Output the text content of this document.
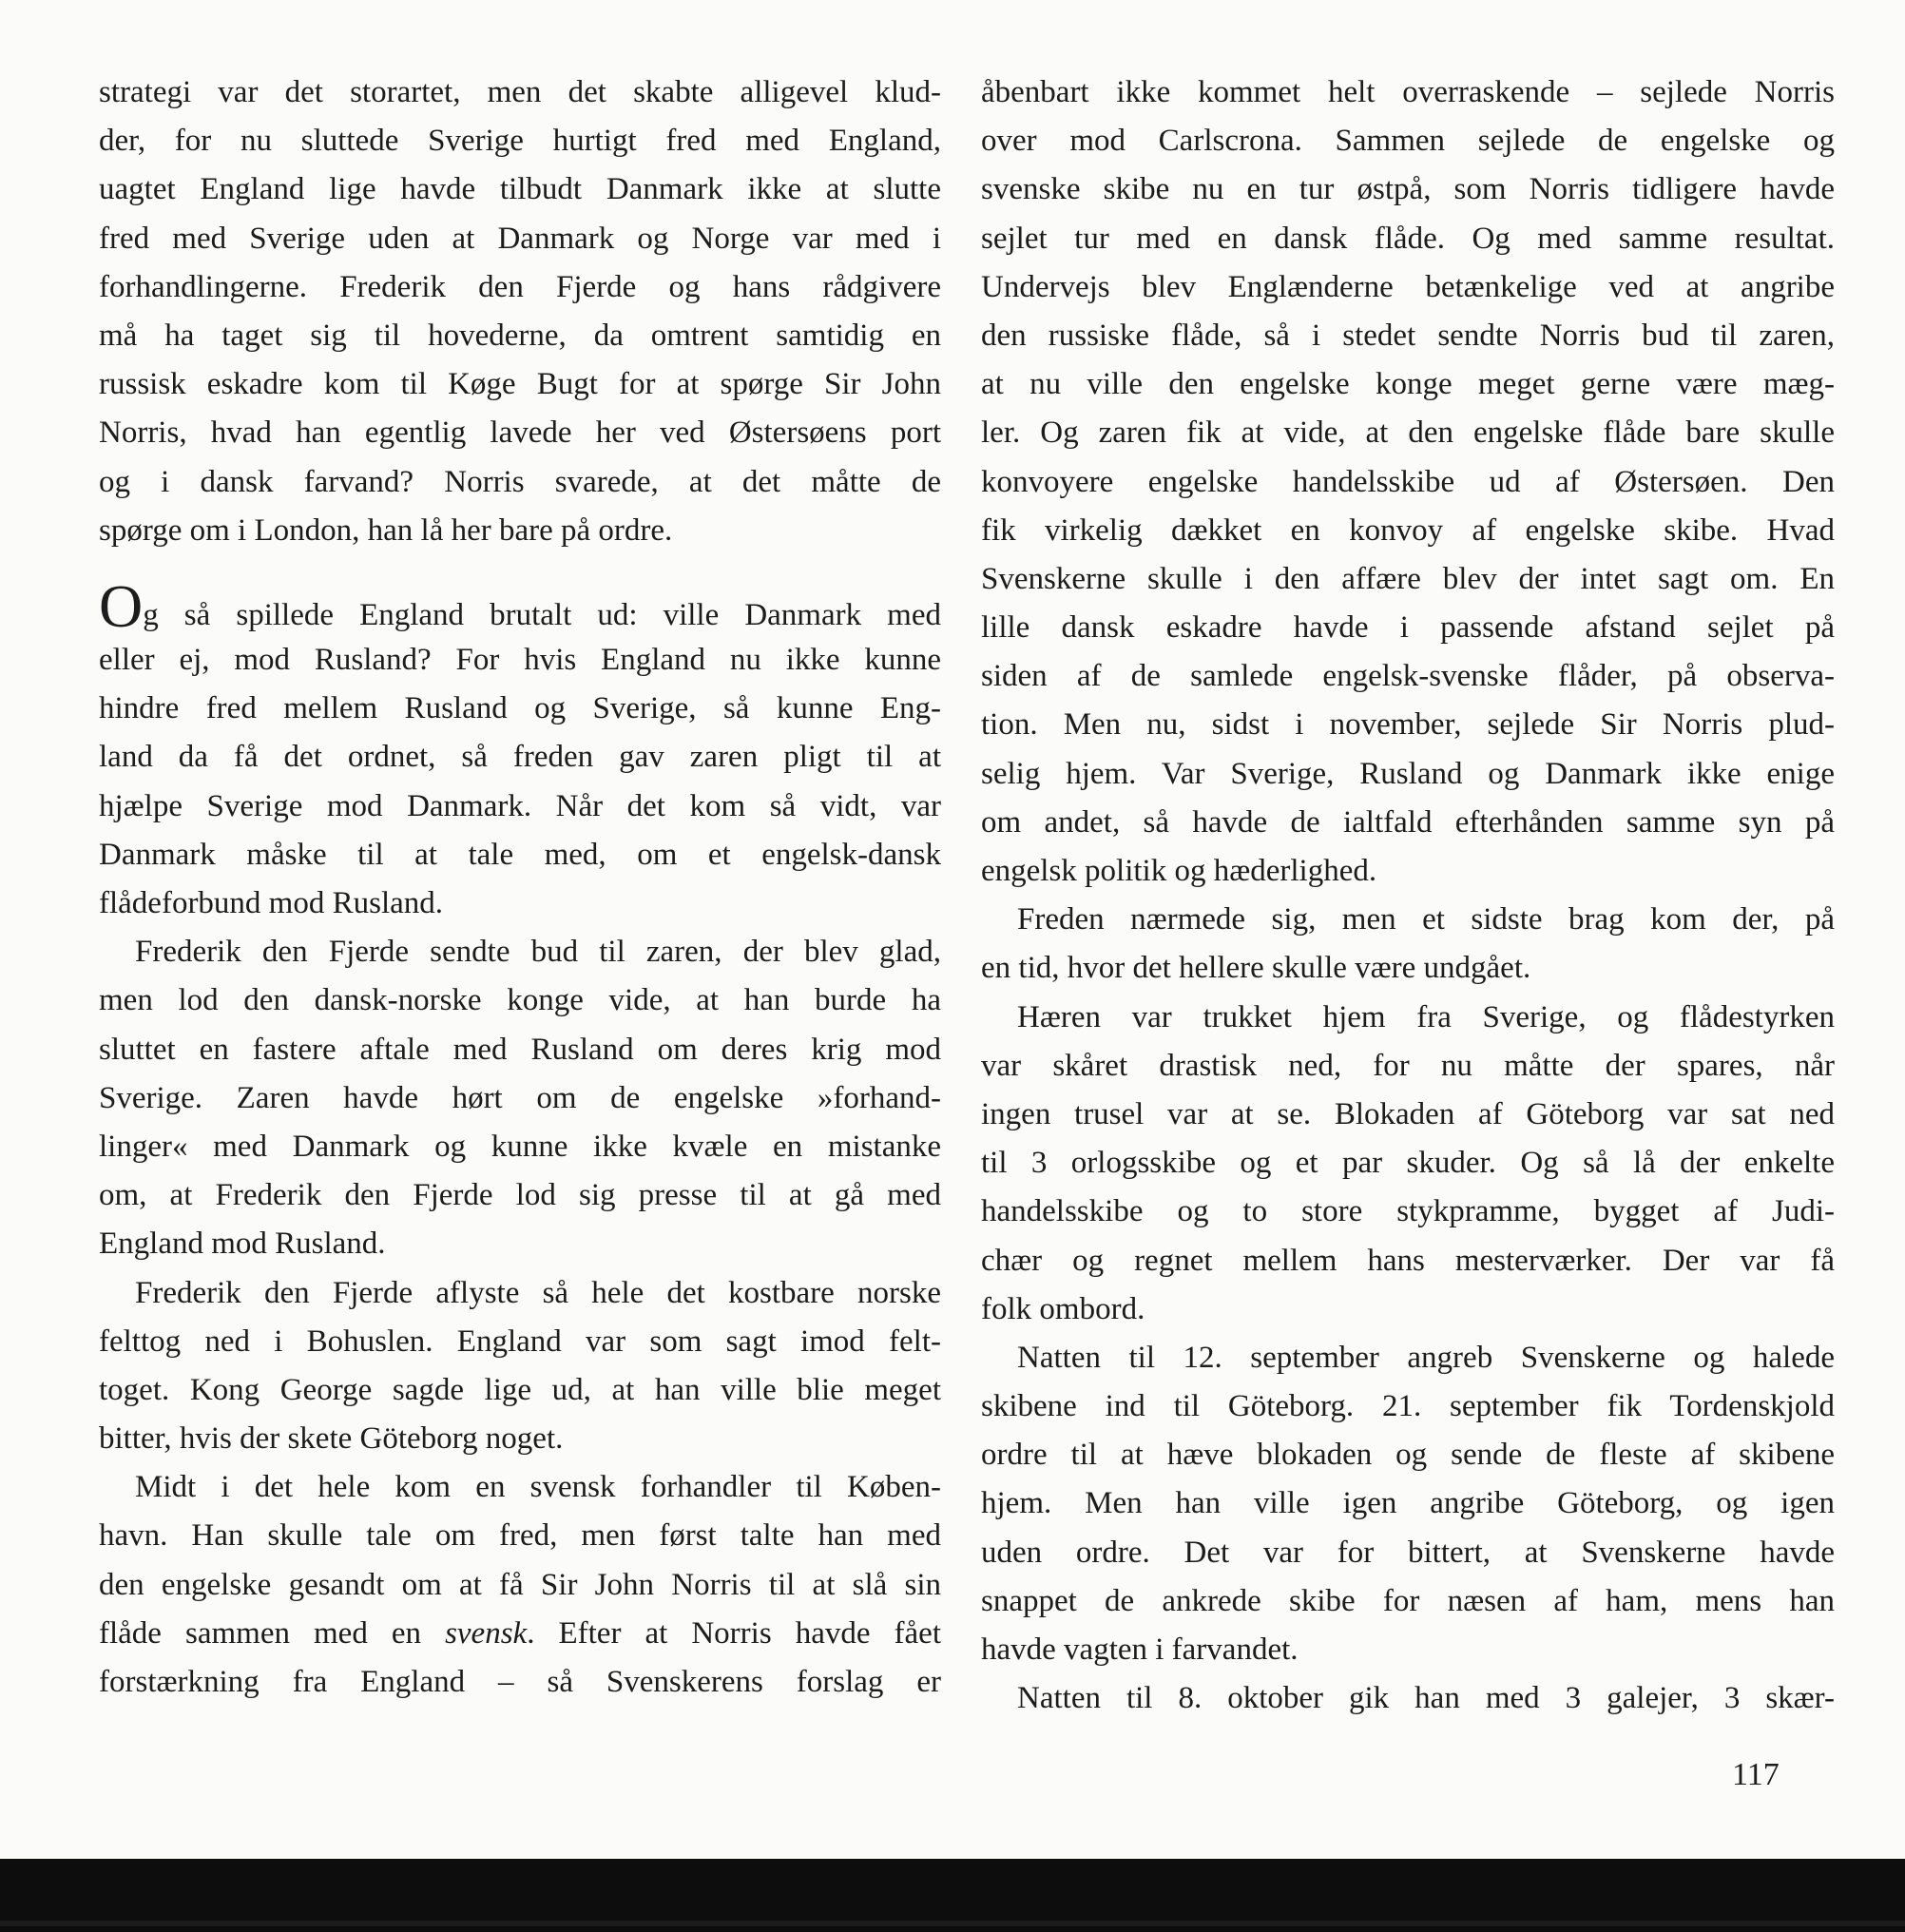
strategi var det storartet, men det skabte alligevel klud-
der, for nu sluttede Sverige hurtigt fred med England,
uagtet England lige havde tilbudt Danmark ikke at slutte
fred med Sverige uden at Danmark og Norge var med i
forhandlingerne. Frederik den Fjerde og hans rådgivere
må ha taget sig til hovederne, da omtrent samtidig en
russisk eskadre kom til Køge Bugt for at spørge Sir John
Norris, hvad han egentlig lavede her ved Østersøens port
og i dansk farvand? Norris svarede, at det måtte de
spørge om i London, han lå her bare på ordre.
Og så spillede England brutalt ud: ville Danmark med
eller ej, mod Rusland? For hvis England nu ikke kunne
hindre fred mellem Rusland og Sverige, så kunne Eng-
land da få det ordnet, så freden gav zaren pligt til at
hjælpe Sverige mod Danmark. Når det kom så vidt, var
Danmark måske til at tale med, om et engelsk-dansk
flådeforbund mod Rusland.
Frederik den Fjerde sendte bud til zaren, der blev glad,
men lod den dansk-norske konge vide, at han burde ha
sluttet en fastere aftale med Rusland om deres krig mod
Sverige. Zaren havde hørt om de engelske »forhand-
linger« med Danmark og kunne ikke kvæle en mistanke
om, at Frederik den Fjerde lod sig presse til at gå med
England mod Rusland.
Frederik den Fjerde aflyste så hele det kostbare norske
felttog ned i Bohuslen. England var som sagt imod felt-
toget. Kong George sagde lige ud, at han ville blie meget
bitter, hvis der skete Göteborg noget.
Midt i det hele kom en svensk forhandler til Køben-
havn. Han skulle tale om fred, men først talte han med
den engelske gesandt om at få Sir John Norris til at slå sin
flåde sammen med en svensk. Efter at Norris havde fået
forstærkning fra England – så Svenskerens forslag er
åbenbart ikke kommet helt overraskende – sejlede Norris
over mod Carlscrona. Sammen sejlede de engelske og
svenske skibe nu en tur østpå, som Norris tidligere havde
sejlet tur med en dansk flåde. Og med samme resultat.
Undervejs blev Englænderne betænkelige ved at angribe
den russiske flåde, så i stedet sendte Norris bud til zaren,
at nu ville den engelske konge meget gerne være mæg-
ler. Og zaren fik at vide, at den engelske flåde bare skulle
konvoyere engelske handelsskibe ud af Østersøen. Den
fik virkelig dækket en konvoy af engelske skibe. Hvad
Svenskerne skulle i den affære blev der intet sagt om. En
lille dansk eskadre havde i passende afstand sejlet på
siden af de samlede engelsk-svenske flåder, på observa-
tion. Men nu, sidst i november, sejlede Sir Norris plud-
selig hjem. Var Sverige, Rusland og Danmark ikke enige
om andet, så havde de ialtfald efterhånden samme syn på
engelsk politik og hæderlighed.
Freden nærmede sig, men et sidste brag kom der, på
en tid, hvor det hellere skulle være undgået.
Hæren var trukket hjem fra Sverige, og flådestyrken
var skåret drastisk ned, for nu måtte der spares, når
ingen trusel var at se. Blokaden af Göteborg var sat ned
til 3 orlogsskibe og et par skuder. Og så lå der enkelte
handelsskibe og to store stykpramme, bygget af Judi-
chær og regnet mellem hans mesterværker. Der var få
folk ombord.
Natten til 12. september angreb Svenskerne og halede
skibene ind til Göteborg. 21. september fik Tordenskjold
ordre til at hæve blokaden og sende de fleste af skibene
hjem. Men han ville igen angribe Göteborg, og igen
uden ordre. Det var for bittert, at Svenskerne havde
snappet de ankrede skibe for næsen af ham, mens han
havde vagten i farvandet.
Natten til 8. oktober gik han med 3 galejer, 3 skær-
117
